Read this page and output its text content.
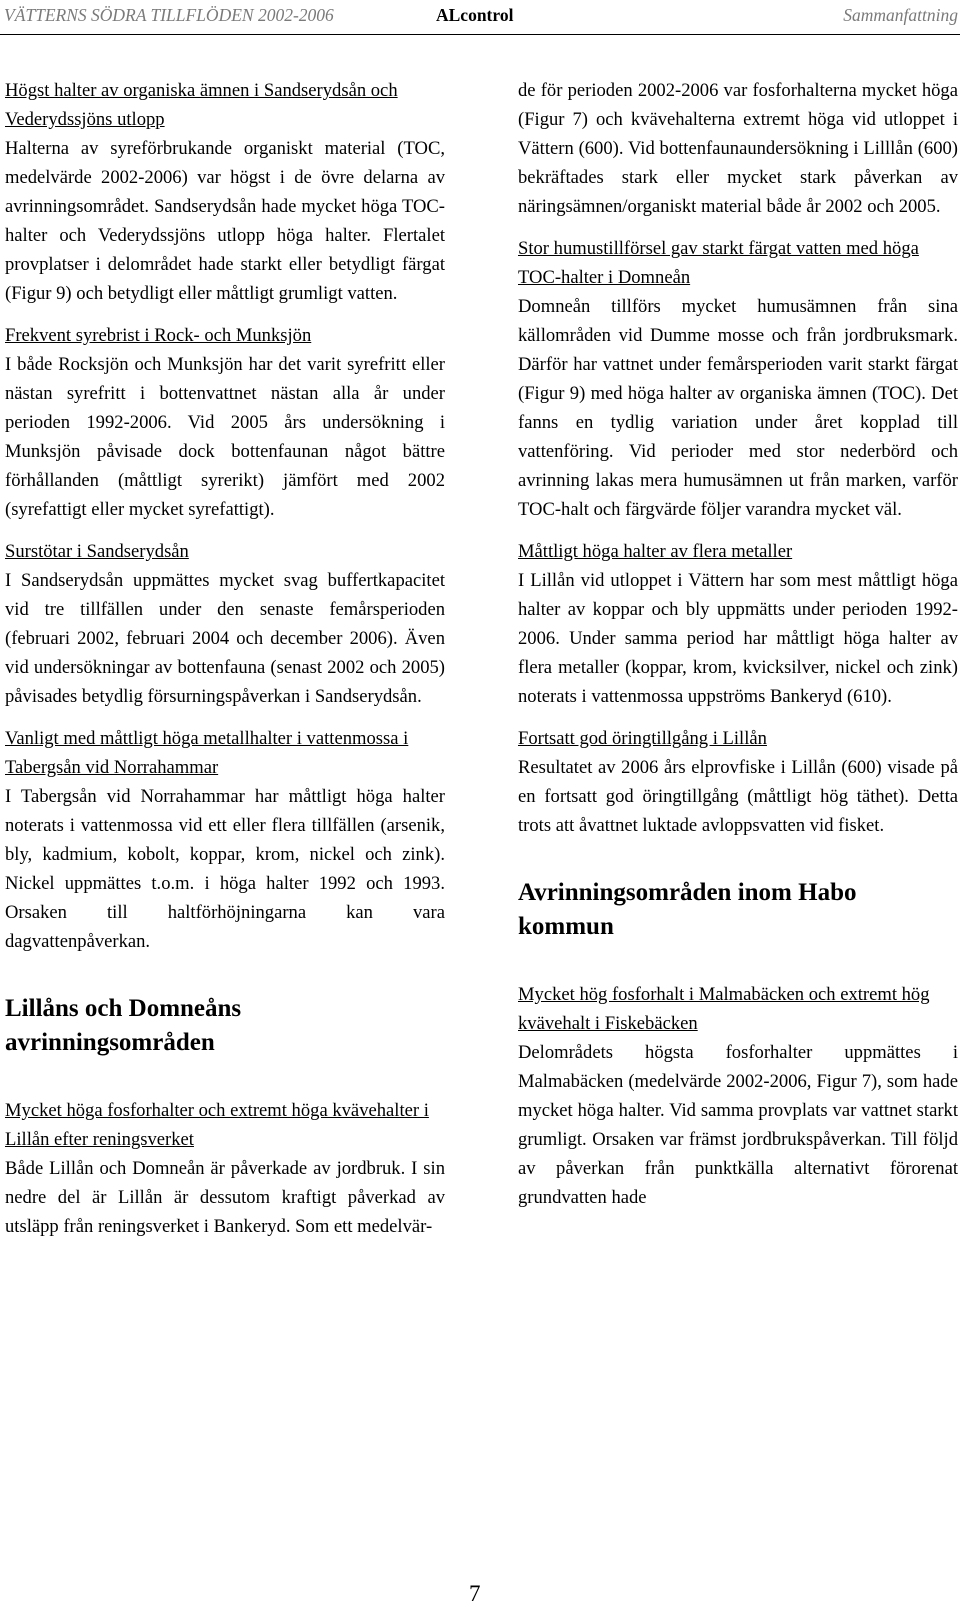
VÄTTERNS SÖDRA TILLFLÖDEN 2002-2006	ALcontrol	Sammanfattning

Högst halter av organiska ämnen i Sandserydsån och Vederydssjöns utlopp
Halterna av syreförbrukande organiskt material (TOC, medelvärde 2002-2006) var högst i de övre delarna av avrinningsområdet. Sandserydsån hade mycket höga TOC-halter och Vederydssjöns utlopp höga halter. Flertalet provplatser i delområdet hade starkt eller betydligt färgat (Figur 9) och betydligt eller måttligt grumligt vatten.

Frekvent syrebrist i Rock- och Munksjön
I både Rocksjön och Munksjön har det varit syrefritt eller nästan syrefritt i bottenvattnet nästan alla år under perioden 1992-2006. Vid 2005 års undersökning i Munksjön påvisade dock bottenfaunan något bättre förhållanden (måttligt syrerikt) jämfört med 2002 (syrefattigt eller mycket syrefattigt).

Surstötar i Sandserydsån
I Sandserydsån uppmättes mycket svag buffertkapacitet vid tre tillfällen under den senaste femårsperioden (februari 2002, februari 2004 och december 2006). Även vid undersökningar av bottenfauna (senast 2002 och 2005) påvisades betydlig försurningspåverkan i Sandserydsån.

Vanligt med måttligt höga metallhalter i vattenmossa i Tabergsån vid Norrahammar
I Tabergsån vid Norrahammar har måttligt höga halter noterats i vattenmossa vid ett eller flera tillfällen (arsenik, bly, kadmium, kobolt, koppar, krom, nickel och zink). Nickel uppmättes t.o.m. i höga halter 1992 och 1993. Orsaken till haltförhöjningarna kan vara dagvattenpåverkan.

Lillåns och Domneåns avrinningsområden

Mycket höga fosforhalter och extremt höga kvävehalter i Lillån efter reningsverket
Både Lillån och Domneån är påverkade av jordbruk. I sin nedre del är Lillån är dessutom kraftigt påverkad av utsläpp från reningsverket i Bankeryd. Som ett medelvär-

de för perioden 2002-2006 var fosforhalterna mycket höga (Figur 7) och kvävehalterna extremt höga vid utloppet i Vättern (600). Vid bottenfaunaundersökning i Lilllån (600) bekräftades stark eller mycket stark påverkan av näringsämnen/organiskt material både år 2002 och 2005.

Stor humustillförsel gav starkt färgat vatten med höga TOC-halter i Domneån
Domneån tillförs mycket humusämnen från sina källområden vid Dumme mosse och från jordbruksmark. Därför har vattnet under femårsperioden varit starkt färgat (Figur 9) med höga halter av organiska ämnen (TOC). Det fanns en tydlig variation under året kopplad till vattenföring. Vid perioder med stor nederbörd och avrinning lakas mera humusämnen ut från marken, varför TOC-halt och färgvärde följer varandra mycket väl.

Måttligt höga halter av flera metaller
I Lillån vid utloppet i Vättern har som mest måttligt höga halter av koppar och bly uppmätts under perioden 1992-2006. Under samma period har måttligt höga halter av flera metaller (koppar, krom, kvicksilver, nickel och zink) noterats i vattenmossa uppströms Bankeryd (610).

Fortsatt god öringtillgång i Lillån
Resultatet av 2006 års elprovfiske i Lillån (600) visade på en fortsatt god öringtillgång (måttligt hög täthet). Detta trots att åvattnet luktade avloppsvatten vid fisket.

Avrinningsområden inom Habo kommun

Mycket hög fosforhalt i Malmabäcken och extremt hög kvävehalt i Fiskebäcken
Delområdets högsta fosforhalter uppmättes i Malmabäcken (medelvärde 2002-2006, Figur 7), som hade mycket höga halter. Vid samma provplats var vattnet starkt grumligt. Orsaken var främst jordbrukspåverkan. Till följd av påverkan från punktkälla alternativt förorenat grundvatten hade

7
